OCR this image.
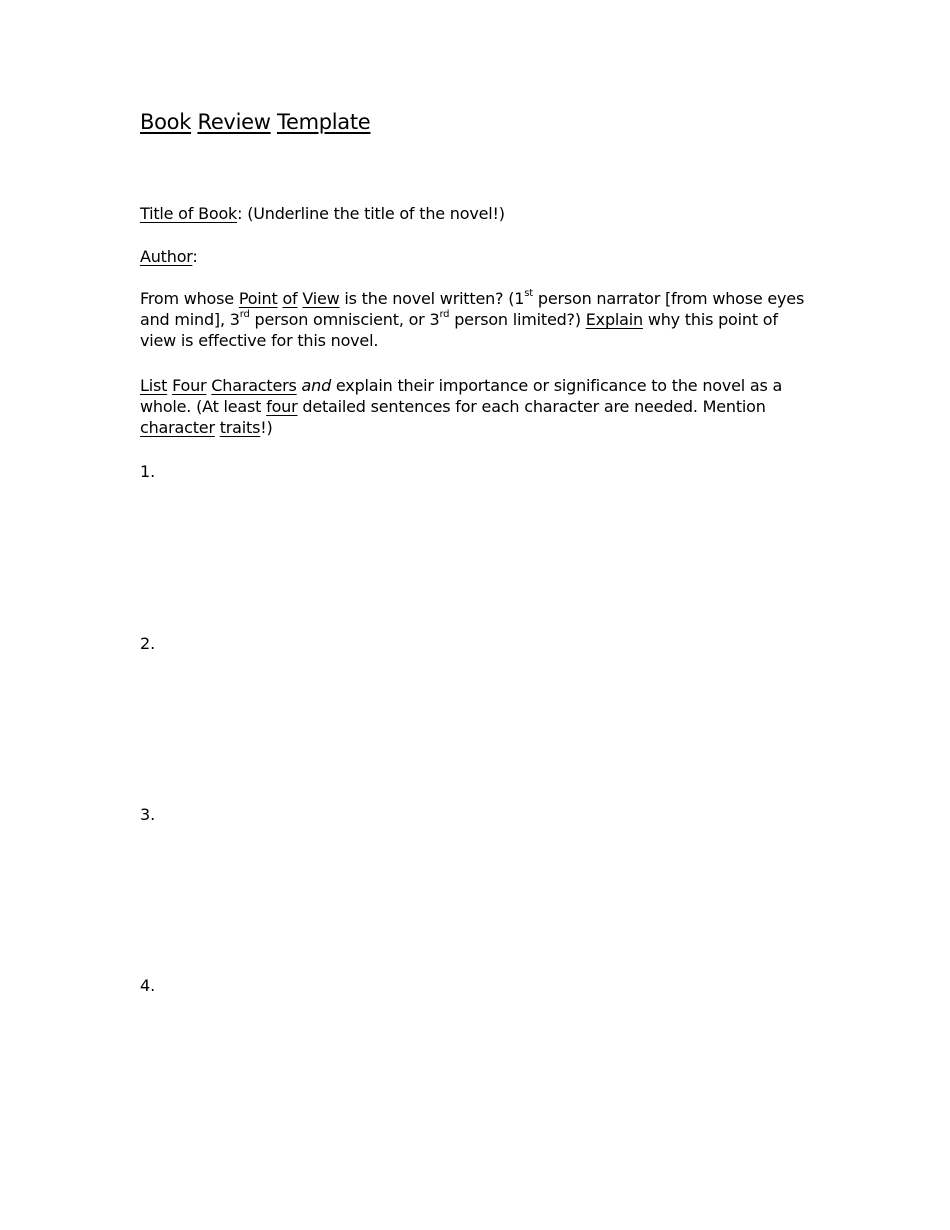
Book Review Template
Title of Book: (Underline the title of the novel!)
Author:
From whose Point of View is the novel written? (1st person narrator [from whose eyes and mind], 3rd person omniscient, or 3rd person limited?) Explain why this point of view is effective for this novel.
List Four Characters and explain their importance or significance to the novel as a whole. (At least four detailed sentences for each character are needed. Mention character traits!)
1.
2.
3.
4.
